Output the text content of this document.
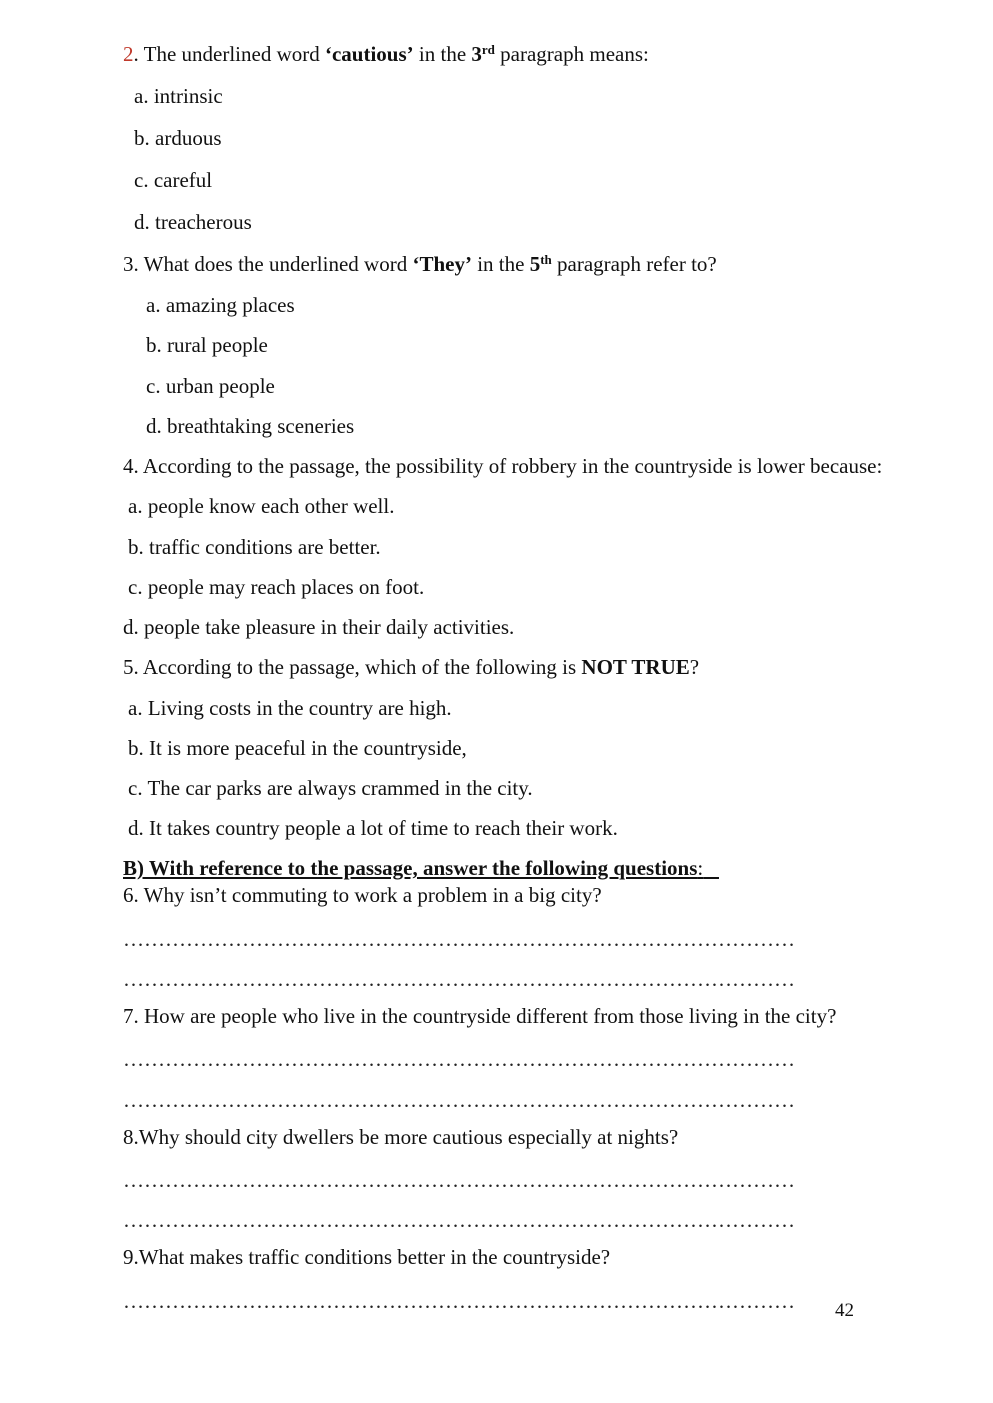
2. The underlined word ‘cautious’ in the 3rd paragraph means:
a. intrinsic
b. arduous
c. careful
d. treacherous
3. What does the underlined word ‘They’ in the 5th paragraph refer to?
a. amazing places
b. rural people
c. urban people
d. breathtaking sceneries
4. According to the passage, the possibility of robbery in the countryside is lower because:
a. people know each other well.
b. traffic conditions are better.
c. people may reach places on foot.
d. people take pleasure in their daily activities.
5. According to the passage, which of the following is NOT TRUE?
a. Living costs in the country are high.
b. It is more peaceful in the countryside,
c. The car parks are always crammed in the city.
d. It takes country people a lot of time to reach their work.
B) With reference to the passage, answer the following questions:
6. Why isn’t commuting to work a problem in a big city?
……………………………………………………………………………………
……………………………………………………………………………………
7. How are people who live in the countryside different from those living in the city?
……………………………………………………………………………………
……………………………………………………………………………………
8.Why should city dwellers be more cautious especially at nights?
……………………………………………………………………………………
……………………………………………………………………………………
9.What makes traffic conditions better in the countryside?
…………………………………………………………………………………… 42
